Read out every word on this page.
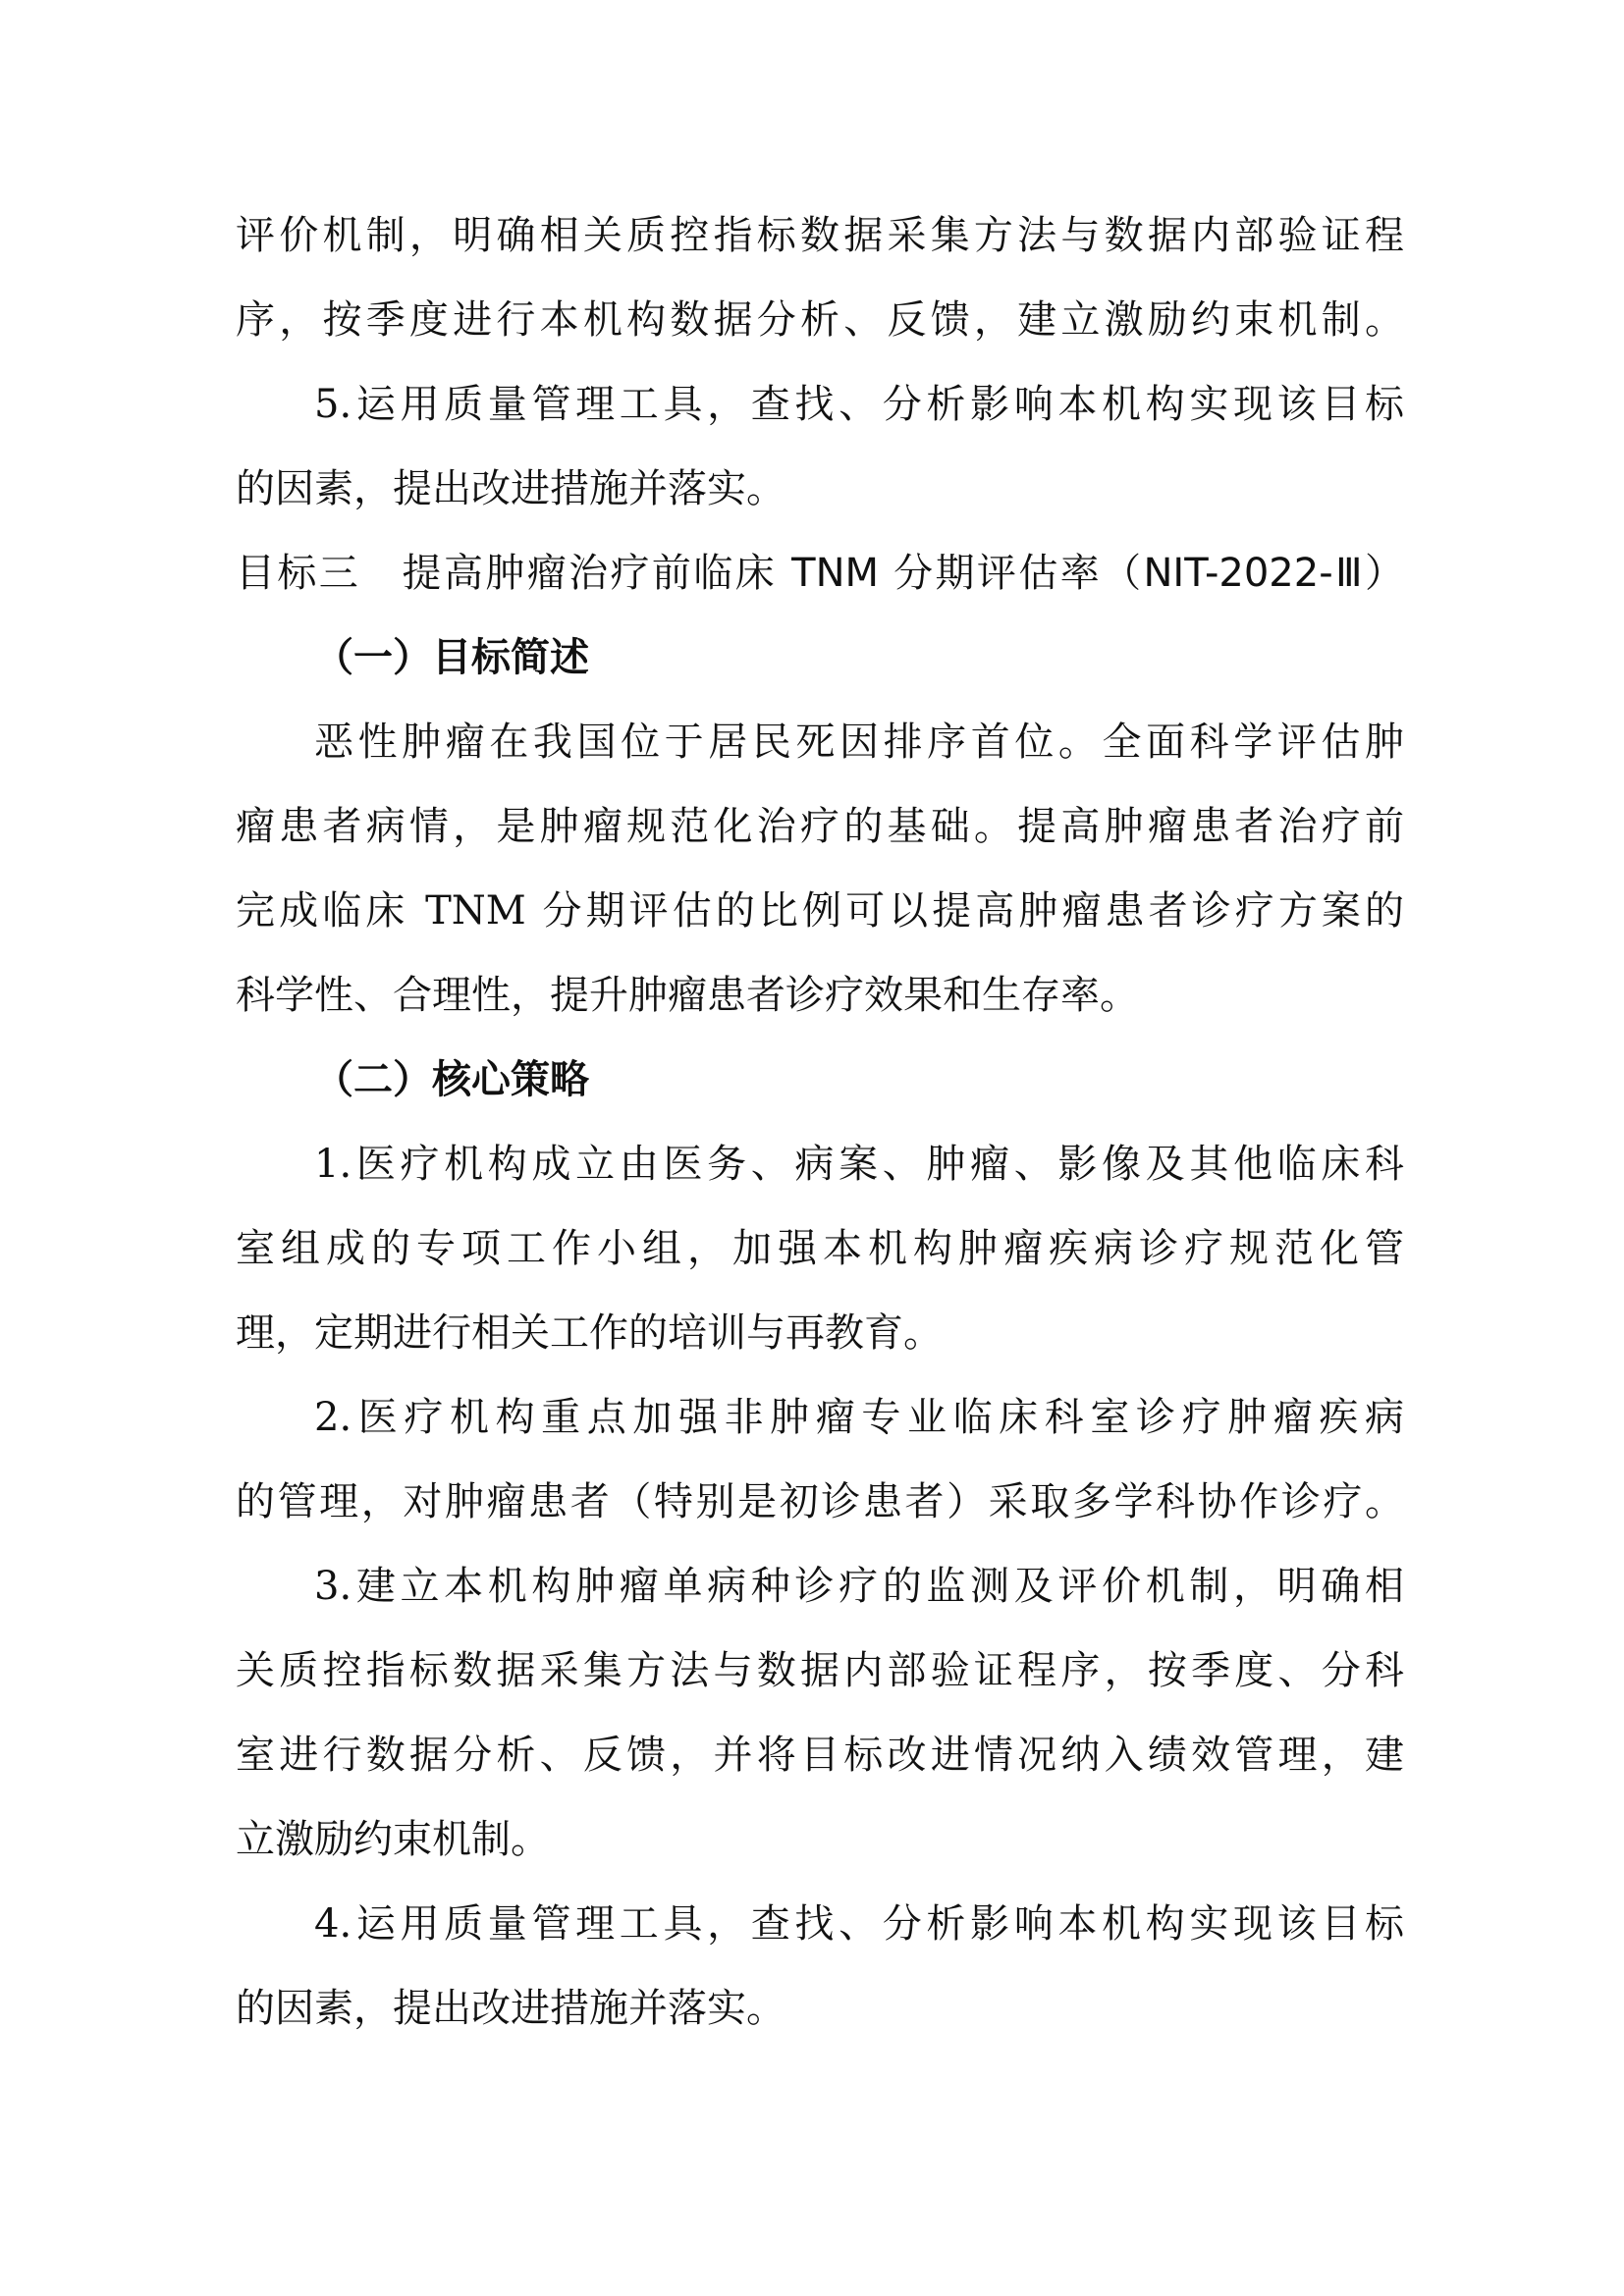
评价机制，明确相关质控指标数据采集方法与数据内部验证程
序，按季度进行本机构数据分析、反馈，建立激励约束机制。
5.运用质量管理工具，查找、分析影响本机构实现该目标
的因素，提出改进措施并落实。
目标三　提高肿瘤治疗前临床 TNM 分期评估率（NIT-2022-Ⅲ）
（一）目标简述
恶性肿瘤在我国位于居民死因排序首位。全面科学评估肿
瘤患者病情，是肿瘤规范化治疗的基础。提高肿瘤患者治疗前
完成临床 TNM 分期评估的比例可以提高肿瘤患者诊疗方案的
科学性、合理性，提升肿瘤患者诊疗效果和生存率。
（二）核心策略
1.医疗机构成立由医务、病案、肿瘤、影像及其他临床科
室组成的专项工作小组，加强本机构肿瘤疾病诊疗规范化管
理，定期进行相关工作的培训与再教育。
2.医疗机构重点加强非肿瘤专业临床科室诊疗肿瘤疾病
的管理，对肿瘤患者（特别是初诊患者）采取多学科协作诊疗。
3.建立本机构肿瘤单病种诊疗的监测及评价机制，明确相
关质控指标数据采集方法与数据内部验证程序，按季度、分科
室进行数据分析、反馈，并将目标改进情况纳入绩效管理，建
立激励约束机制。
4.运用质量管理工具，查找、分析影响本机构实现该目标
的因素，提出改进措施并落实。
